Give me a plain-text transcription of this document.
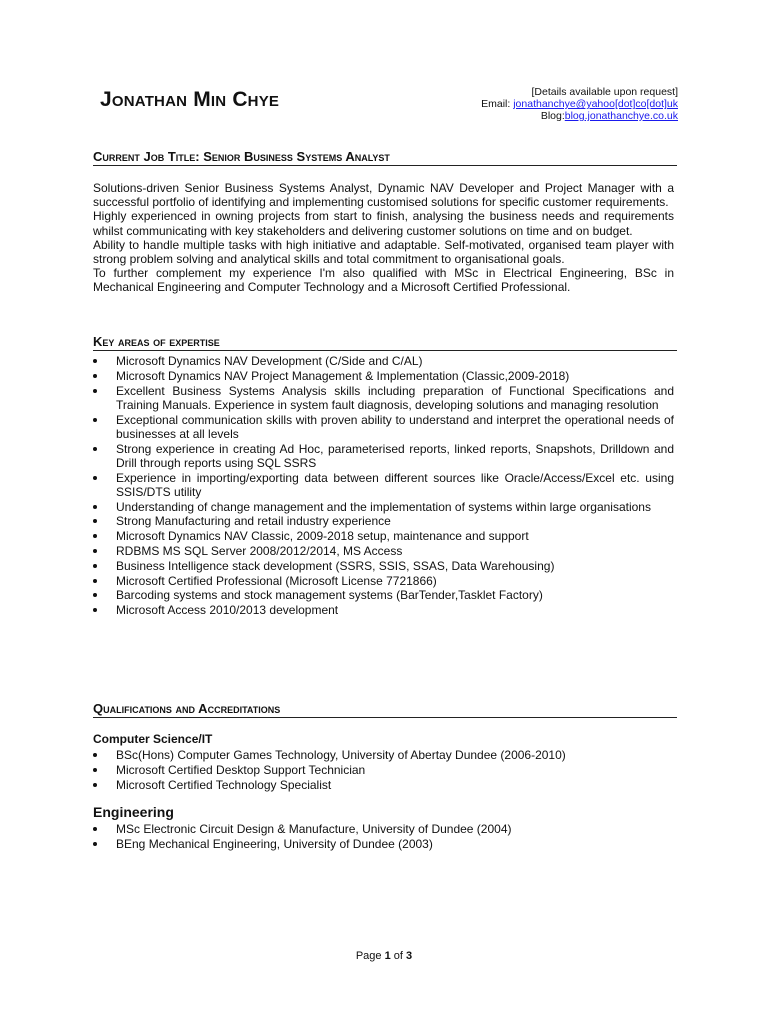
Jonathan Min Chye	[Details available upon request]
Email: jonathanchye@yahoo[dot]co[dot]uk
Blog:blog.jonathanchye.co.uk
Current Job Title: Senior Business Systems Analyst

Solutions-driven Senior Business Systems Analyst, Dynamic NAV Developer and Project Manager with a successful portfolio of identifying and implementing customised solutions for specific customer requirements.

Highly experienced in owning projects from start to finish, analysing the business needs and requirements whilst communicating with key stakeholders and delivering customer solutions on time and on budget.

Ability to handle multiple tasks with high initiative and adaptable. Self-motivated, organised team player with strong problem solving and analytical skills and total commitment to organisational goals.

To further complement my experience I'm also qualified with MSc in Electrical Engineering, BSc in Mechanical Engineering and Computer Technology and a Microsoft Certified Professional.

Key areas of expertise
Microsoft Dynamics NAV Development (C/Side and C/AL)
Microsoft Dynamics NAV Project Management & Implementation (Classic,2009-2018)
Excellent Business Systems Analysis skills including preparation of Functional Specifications and Training Manuals. Experience in system fault diagnosis, developing solutions and managing resolution
Exceptional communication skills with proven ability to understand and interpret the operational needs of businesses at all levels
Strong experience in creating Ad Hoc, parameterised reports, linked reports, Snapshots, Drilldown and Drill through reports using SQL SSRS
Experience in importing/exporting data between different sources like Oracle/Access/Excel etc. using SSIS/DTS utility
Understanding of change management and the implementation of systems within large organisations
Strong Manufacturing and retail industry experience
Microsoft Dynamics NAV Classic, 2009-2018 setup, maintenance and support
RDBMS MS SQL Server 2008/2012/2014, MS Access
Business Intelligence stack development (SSRS, SSIS, SSAS, Data Warehousing)
Microsoft Certified Professional (Microsoft License 7721866)
Barcoding systems and stock management systems (BarTender,Tasklet Factory)
Microsoft Access 2010/2013 development
Qualifications and Accreditations
Computer Science/IT
BSc(Hons) Computer Games Technology, University of Abertay Dundee (2006-2010)
Microsoft Certified Desktop Support Technician
Microsoft Certified Technology Specialist
Engineering
MSc Electronic Circuit Design & Manufacture, University of Dundee (2004)
BEng Mechanical Engineering, University of Dundee (2003)
Page 1 of 3
